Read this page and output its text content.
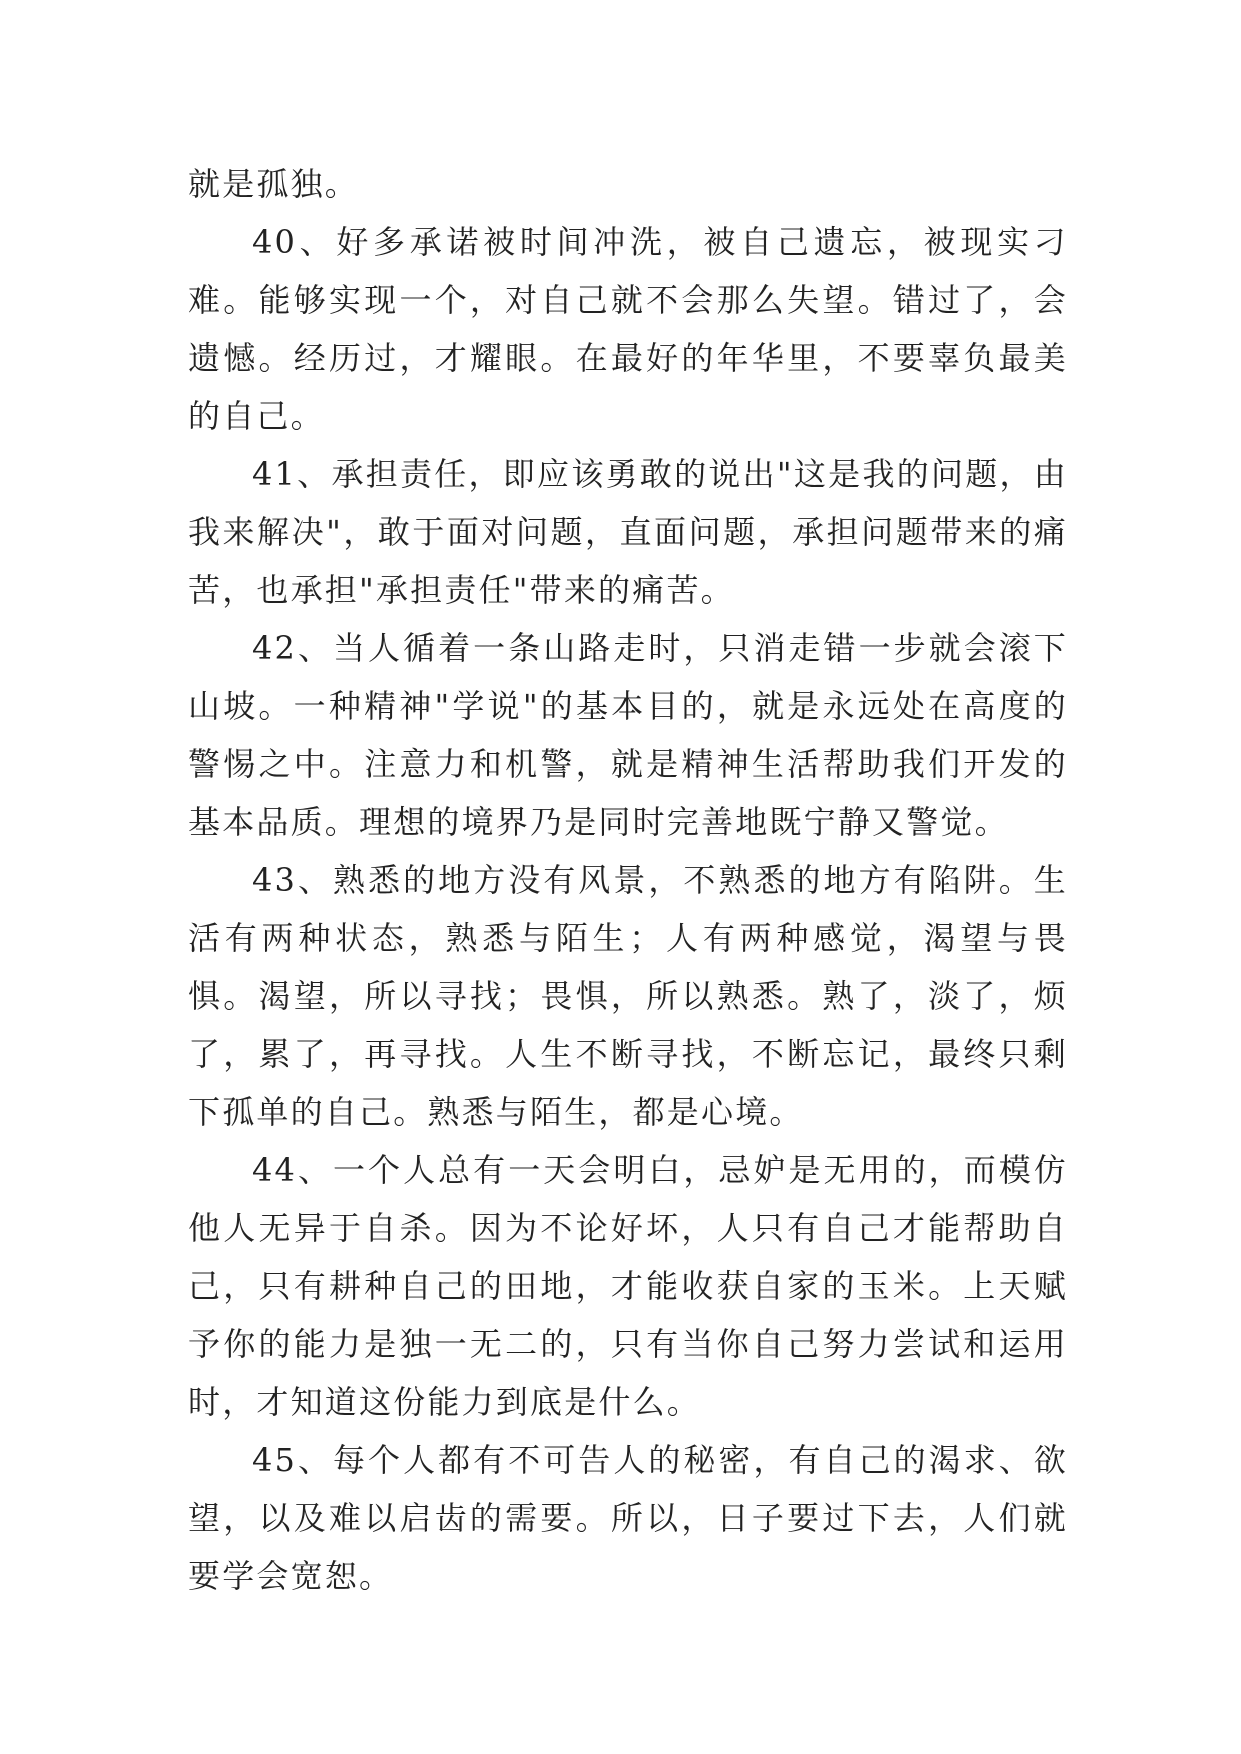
就是孤独。

40、好多承诺被时间冲洗，被自己遗忘，被现实刁难。能够实现一个，对自己就不会那么失望。错过了，会遗憾。经历过，才耀眼。在最好的年华里，不要辜负最美的自己。

41、承担责任，即应该勇敢的说出"这是我的问题，由我来解决"，敢于面对问题，直面问题，承担问题带来的痛苦，也承担"承担责任"带来的痛苦。

42、当人循着一条山路走时，只消走错一步就会滚下山坡。一种精神"学说"的基本目的，就是永远处在高度的警惕之中。注意力和机警，就是精神生活帮助我们开发的基本品质。理想的境界乃是同时完善地既宁静又警觉。

43、熟悉的地方没有风景，不熟悉的地方有陷阱。生活有两种状态，熟悉与陌生；人有两种感觉，渴望与畏惧。渴望，所以寻找；畏惧，所以熟悉。熟了，淡了，烦了，累了，再寻找。人生不断寻找，不断忘记，最终只剩下孤单的自己。熟悉与陌生，都是心境。

44、一个人总有一天会明白，忌妒是无用的，而模仿他人无异于自杀。因为不论好坏，人只有自己才能帮助自己，只有耕种自己的田地，才能收获自家的玉米。上天赋予你的能力是独一无二的，只有当你自己努力尝试和运用时，才知道这份能力到底是什么。

45、每个人都有不可告人的秘密，有自己的渴求、欲望，以及难以启齿的需要。所以，日子要过下去，人们就要学会宽恕。
